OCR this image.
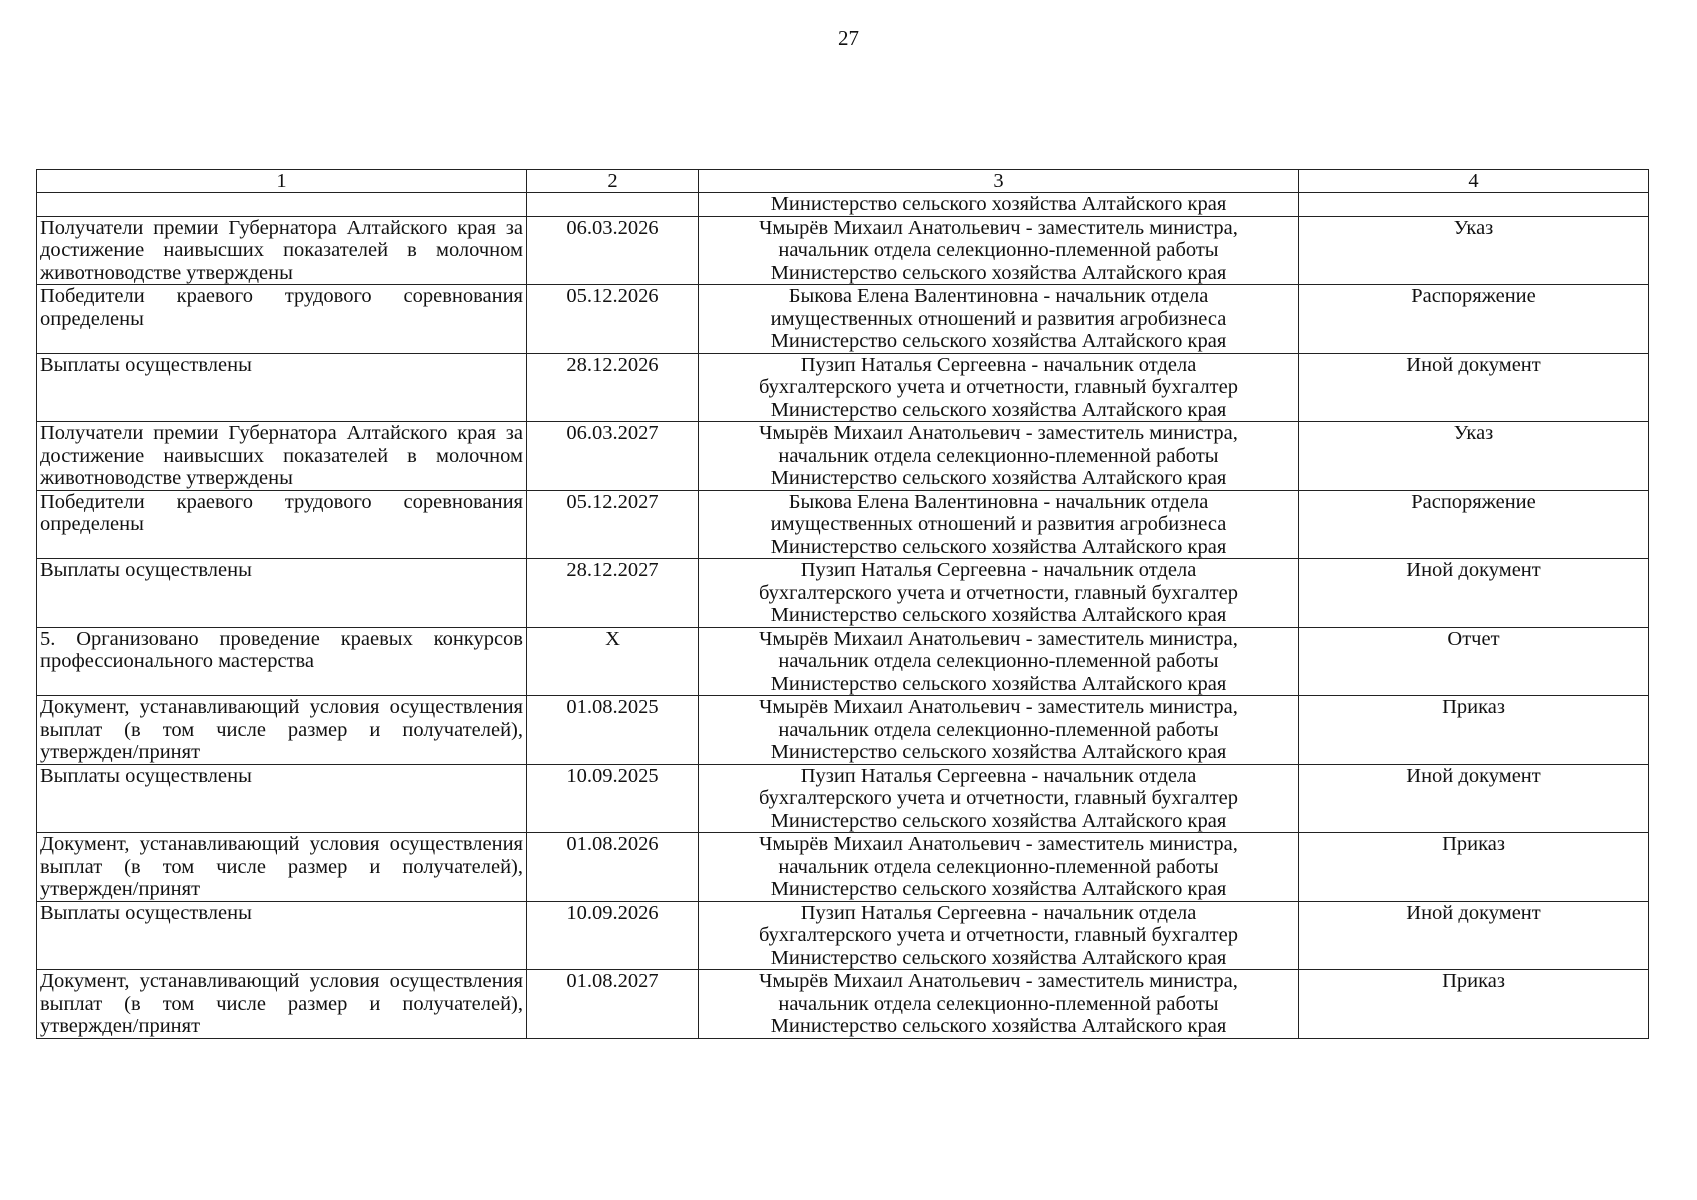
27
1	2	3	4

		Министерство сельского хозяйства Алтайского края	

Получатели премии Губернатора Алтайского края за достижение наивысших показателей в молочном животноводстве утверждены	06.03.2026	Чмырёв Михаил Анатольевич - заместитель министра,
начальник отдела селекционно-племенной работы
Министерство сельского хозяйства Алтайского края	Указ
Победители краевого трудового соревнования определены	05.12.2026	Быкова Елена Валентиновна - начальник отдела
имущественных отношений и развития агробизнеса
Министерство сельского хозяйства Алтайского края	Распоряжение
Выплаты осуществлены	28.12.2026	Пузип Наталья Сергеевна - начальник отдела
бухгалтерского учета и отчетности, главный бухгалтер
Министерство сельского хозяйства Алтайского края	Иной документ
Получатели премии Губернатора Алтайского края за достижение наивысших показателей в молочном животноводстве утверждены	06.03.2027	Чмырёв Михаил Анатольевич - заместитель министра,
начальник отдела селекционно-племенной работы
Министерство сельского хозяйства Алтайского края	Указ
Победители краевого трудового соревнования определены	05.12.2027	Быкова Елена Валентиновна - начальник отдела
имущественных отношений и развития агробизнеса
Министерство сельского хозяйства Алтайского края	Распоряжение
Выплаты осуществлены	28.12.2027	Пузип Наталья Сергеевна - начальник отдела
бухгалтерского учета и отчетности, главный бухгалтер
Министерство сельского хозяйства Алтайского края	Иной документ
5. Организовано проведение краевых конкурсов профессионального мастерства	Х	Чмырёв Михаил Анатольевич - заместитель министра,
начальник отдела селекционно-племенной работы
Министерство сельского хозяйства Алтайского края	Отчет
Документ, устанавливающий условия осуществления выплат (в том числе размер и получателей), утвержден/принят	01.08.2025	Чмырёв Михаил Анатольевич - заместитель министра,
начальник отдела селекционно-племенной работы
Министерство сельского хозяйства Алтайского края	Приказ
Выплаты осуществлены	10.09.2025	Пузип Наталья Сергеевна - начальник отдела
бухгалтерского учета и отчетности, главный бухгалтер
Министерство сельского хозяйства Алтайского края	Иной документ
Документ, устанавливающий условия осуществления выплат (в том числе размер и получателей), утвержден/принят	01.08.2026	Чмырёв Михаил Анатольевич - заместитель министра,
начальник отдела селекционно-племенной работы
Министерство сельского хозяйства Алтайского края	Приказ
Выплаты осуществлены	10.09.2026	Пузип Наталья Сергеевна - начальник отдела
бухгалтерского учета и отчетности, главный бухгалтер
Министерство сельского хозяйства Алтайского края	Иной документ
Документ, устанавливающий условия осуществления выплат (в том числе размер и получателей), утвержден/принят	01.08.2027	Чмырёв Михаил Анатольевич - заместитель министра,
начальник отдела селекционно-племенной работы
Министерство сельского хозяйства Алтайского края	Приказ
